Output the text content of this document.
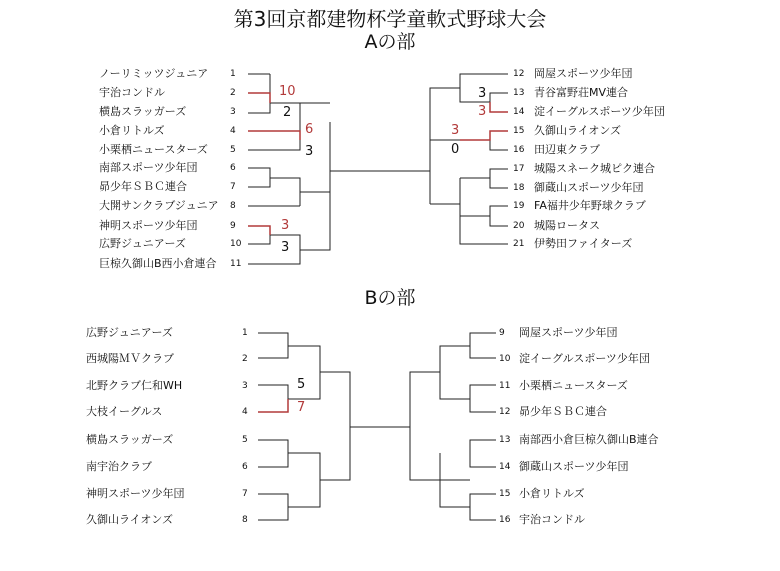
第3回京都建物杯学童軟式野球大会
Aの部
Bの部
ノーリミッツジュニア 1
宇治コンドル	2
横島スラッガーズ	3
小倉リトルズ	4
小栗栖ニュースターズ 5
南部スポーツ少年団	6
昴少年ＳＢＣ連合	7
大開サンクラブジュニア 8
神明スポーツ少年団	9
広野ジュニアーズ	10
巨椋久御山B西小倉連合 11
12 岡屋スポーツ少年団
13 青谷富野荘MV連合
14 淀イーグルスポーツ少年団
15 久御山ライオンズ
16 田辺東クラブ
17 城陽スネーク城ピク連合
18 御蔵山スポーツ少年団
19 FA福井少年野球クラブ
20 城陽ロータス
21 伊勢田ファイターズ
10
2
6
3
3
3
3
3
3
0
広野ジュニアーズ	1
西城陽ＭＶクラブ	2
北野クラブ仁和WH	3
大枝イーグルス	4
横島スラッガーズ	5
南宇治クラブ	6
神明スポーツ少年団	7
久御山ライオンズ	8
9 岡屋スポーツ少年団
10 淀イーグルスポーツ少年団
11 小栗栖ニュースターズ
12 昴少年ＳＢＣ連合
13 南部西小倉巨椋久御山B連合
14 御蔵山スポーツ少年団
15 小倉リトルズ
16 宇治コンドル
5
7
